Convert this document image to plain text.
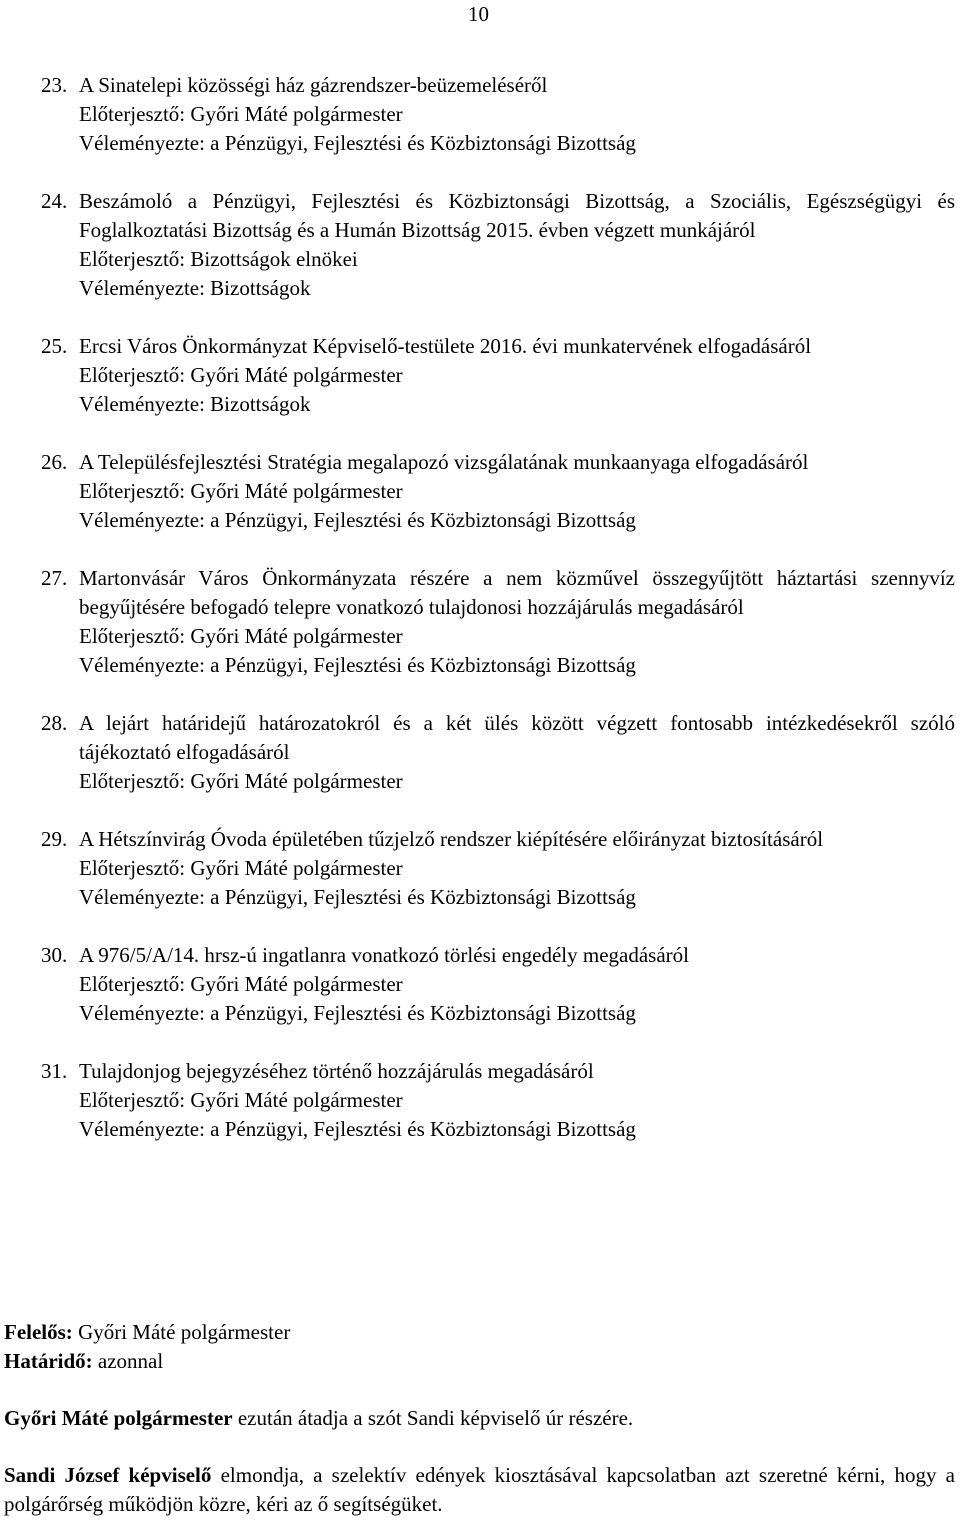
10
23. A Sinatelepi közösségi ház gázrendszer-beüzemeléséről
Előterjesztő: Győri Máté polgármester
Véleményezte: a Pénzügyi, Fejlesztési és Közbiztonsági Bizottság
24. Beszámoló a Pénzügyi, Fejlesztési és Közbiztonsági Bizottság, a Szociális, Egészségügyi és Foglalkoztatási Bizottság és a Humán Bizottság 2015. évben végzett munkájáról
Előterjesztő: Bizottságok elnökei
Véleményezte: Bizottságok
25. Ercsi Város Önkormányzat Képviselő-testülete 2016. évi munkatervének elfogadásáról
Előterjesztő: Győri Máté polgármester
Véleményezte: Bizottságok
26. A Településfejlesztési Stratégia megalapozó vizsgálatának munkaanyaga elfogadásáról
Előterjesztő: Győri Máté polgármester
Véleményezte: a Pénzügyi, Fejlesztési és Közbiztonsági Bizottság
27. Martonvásár Város Önkormányzata részére a nem közművel összegyűjtött háztartási szennyvíz begyűjtésére befogadó telepre vonatkozó tulajdonosi hozzájárulás megadásáról
Előterjesztő: Győri Máté polgármester
Véleményezte: a Pénzügyi, Fejlesztési és Közbiztonsági Bizottság
28. A lejárt határidejű határozatokról és a két ülés között végzett fontosabb intézkedésekről szóló tájékoztató elfogadásáról
Előterjesztő: Győri Máté polgármester
29. A Hétszínvirág Óvoda épületében tűzjelző rendszer kiépítésére előirányzat biztosításáról
Előterjesztő: Győri Máté polgármester
Véleményezte: a Pénzügyi, Fejlesztési és Közbiztonsági Bizottság
30. A 976/5/A/14. hrsz-ú ingatlanra vonatkozó törlési engedély megadásáról
Előterjesztő: Győri Máté polgármester
Véleményezte: a Pénzügyi, Fejlesztési és Közbiztonsági Bizottság
31. Tulajdonjog bejegyzéséhez történő hozzájárulás megadásáról
Előterjesztő: Győri Máté polgármester
Véleményezte: a Pénzügyi, Fejlesztési és Közbiztonsági Bizottság

Felelős: Győri Máté polgármester

Határidő: azonnal

Győri Máté polgármester ezután átadja a szót Sandi képviselő úr részére.

Sandi József képviselő elmondja, a szelektív edények kiosztásával kapcsolatban azt szeretné kérni, hogy a polgárőrség működjön közre, kéri az ő segítségüket.
